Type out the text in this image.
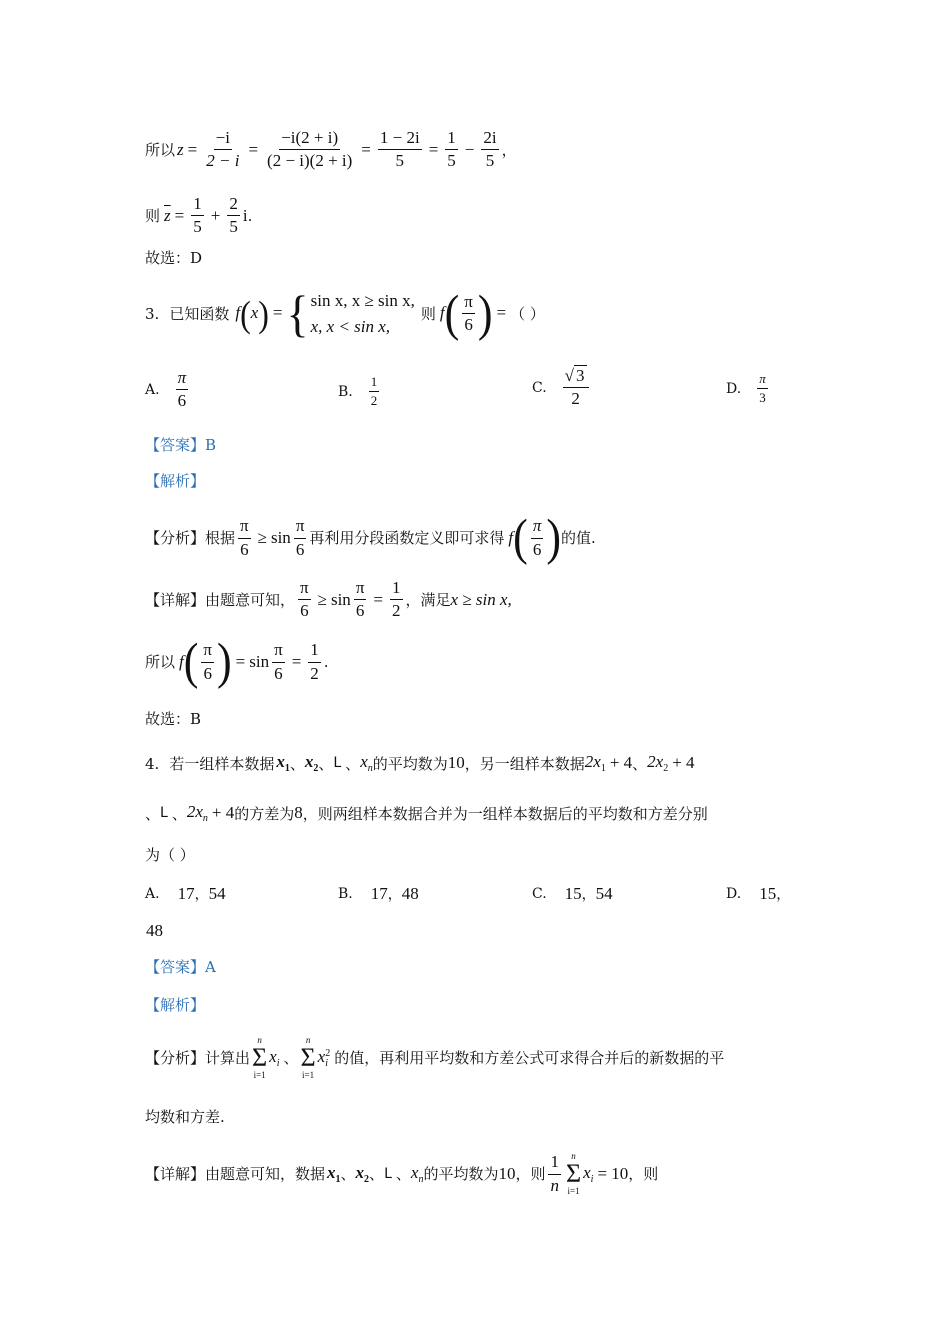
所以 $z = \frac{-i}{2 - i} = \frac{-i(2 + i)}{(2 - i)(2 + i)} = \frac{1 - 2i}{5} = \frac{1}{5} - \frac{2i}{5}$ ，
则 $\overline{z} = \frac{1}{5} + \frac{2}{5}$ i .
故选：D
3. 已知函数 f ( x ) = { sin x, x ≥ sin x,
x, x < sin x,
则 f ( $\frac{\pi}{6}$ ) = （ ）
A. $\frac{\pi}{6}$	B. $\frac{1}{2}$	C. $\frac{√ 3}{2}$	D. $\frac{\pi}{3}$
【答案】B
【解析】
【分析】 根据 $\frac{\pi}{6} \ge \sin \frac{\pi}{6}$ 再利用分段函数定义即可求得 f ( $\frac{\pi}{6}$ ) 的值.
【详解】 由题意可知， $\frac{\pi}{6} \ge \sin \frac{\pi}{6} = \frac{1}{2}$ ，满足 x ≥ sin x,
所以 f ( $\frac{\pi}{6}$ ) = $\sin \frac{\pi}{6} = \frac{1}{2}$ .
故选：B
4. 若一组样本数据 $x_1$ 、 $x_2$ 、 L 、 $x_n$ 的平均数为 10 ，另一组样本数据 $2x_1 + 4$ 、 $2x_2 + 4$
、 L 、 $2x_n + 4$ 的方差为 8 ，则两组样本数据合并为一组样本数据后的平均数和方差分别
为（ ）
A. 17 ， 54	B. 17 ， 48	C. 15 ， 54	D. 15 ，
48
【答案】A
【解析】
【分析】 计算出
n
Σ
i=1
$x_i$ 、
n
Σ
i=1
x 2
i 的值，再利用平均数和方差公式可求得合并后的新数据的平
均数和方差.
【详解】 由题意可知，数据 $x_1$ 、 $x_2$ 、 L 、 $x_n$ 的平均数为 10 ，则 $\frac{1}{n}$ n
Σ
i=1
$x_i = 10$ ，则
